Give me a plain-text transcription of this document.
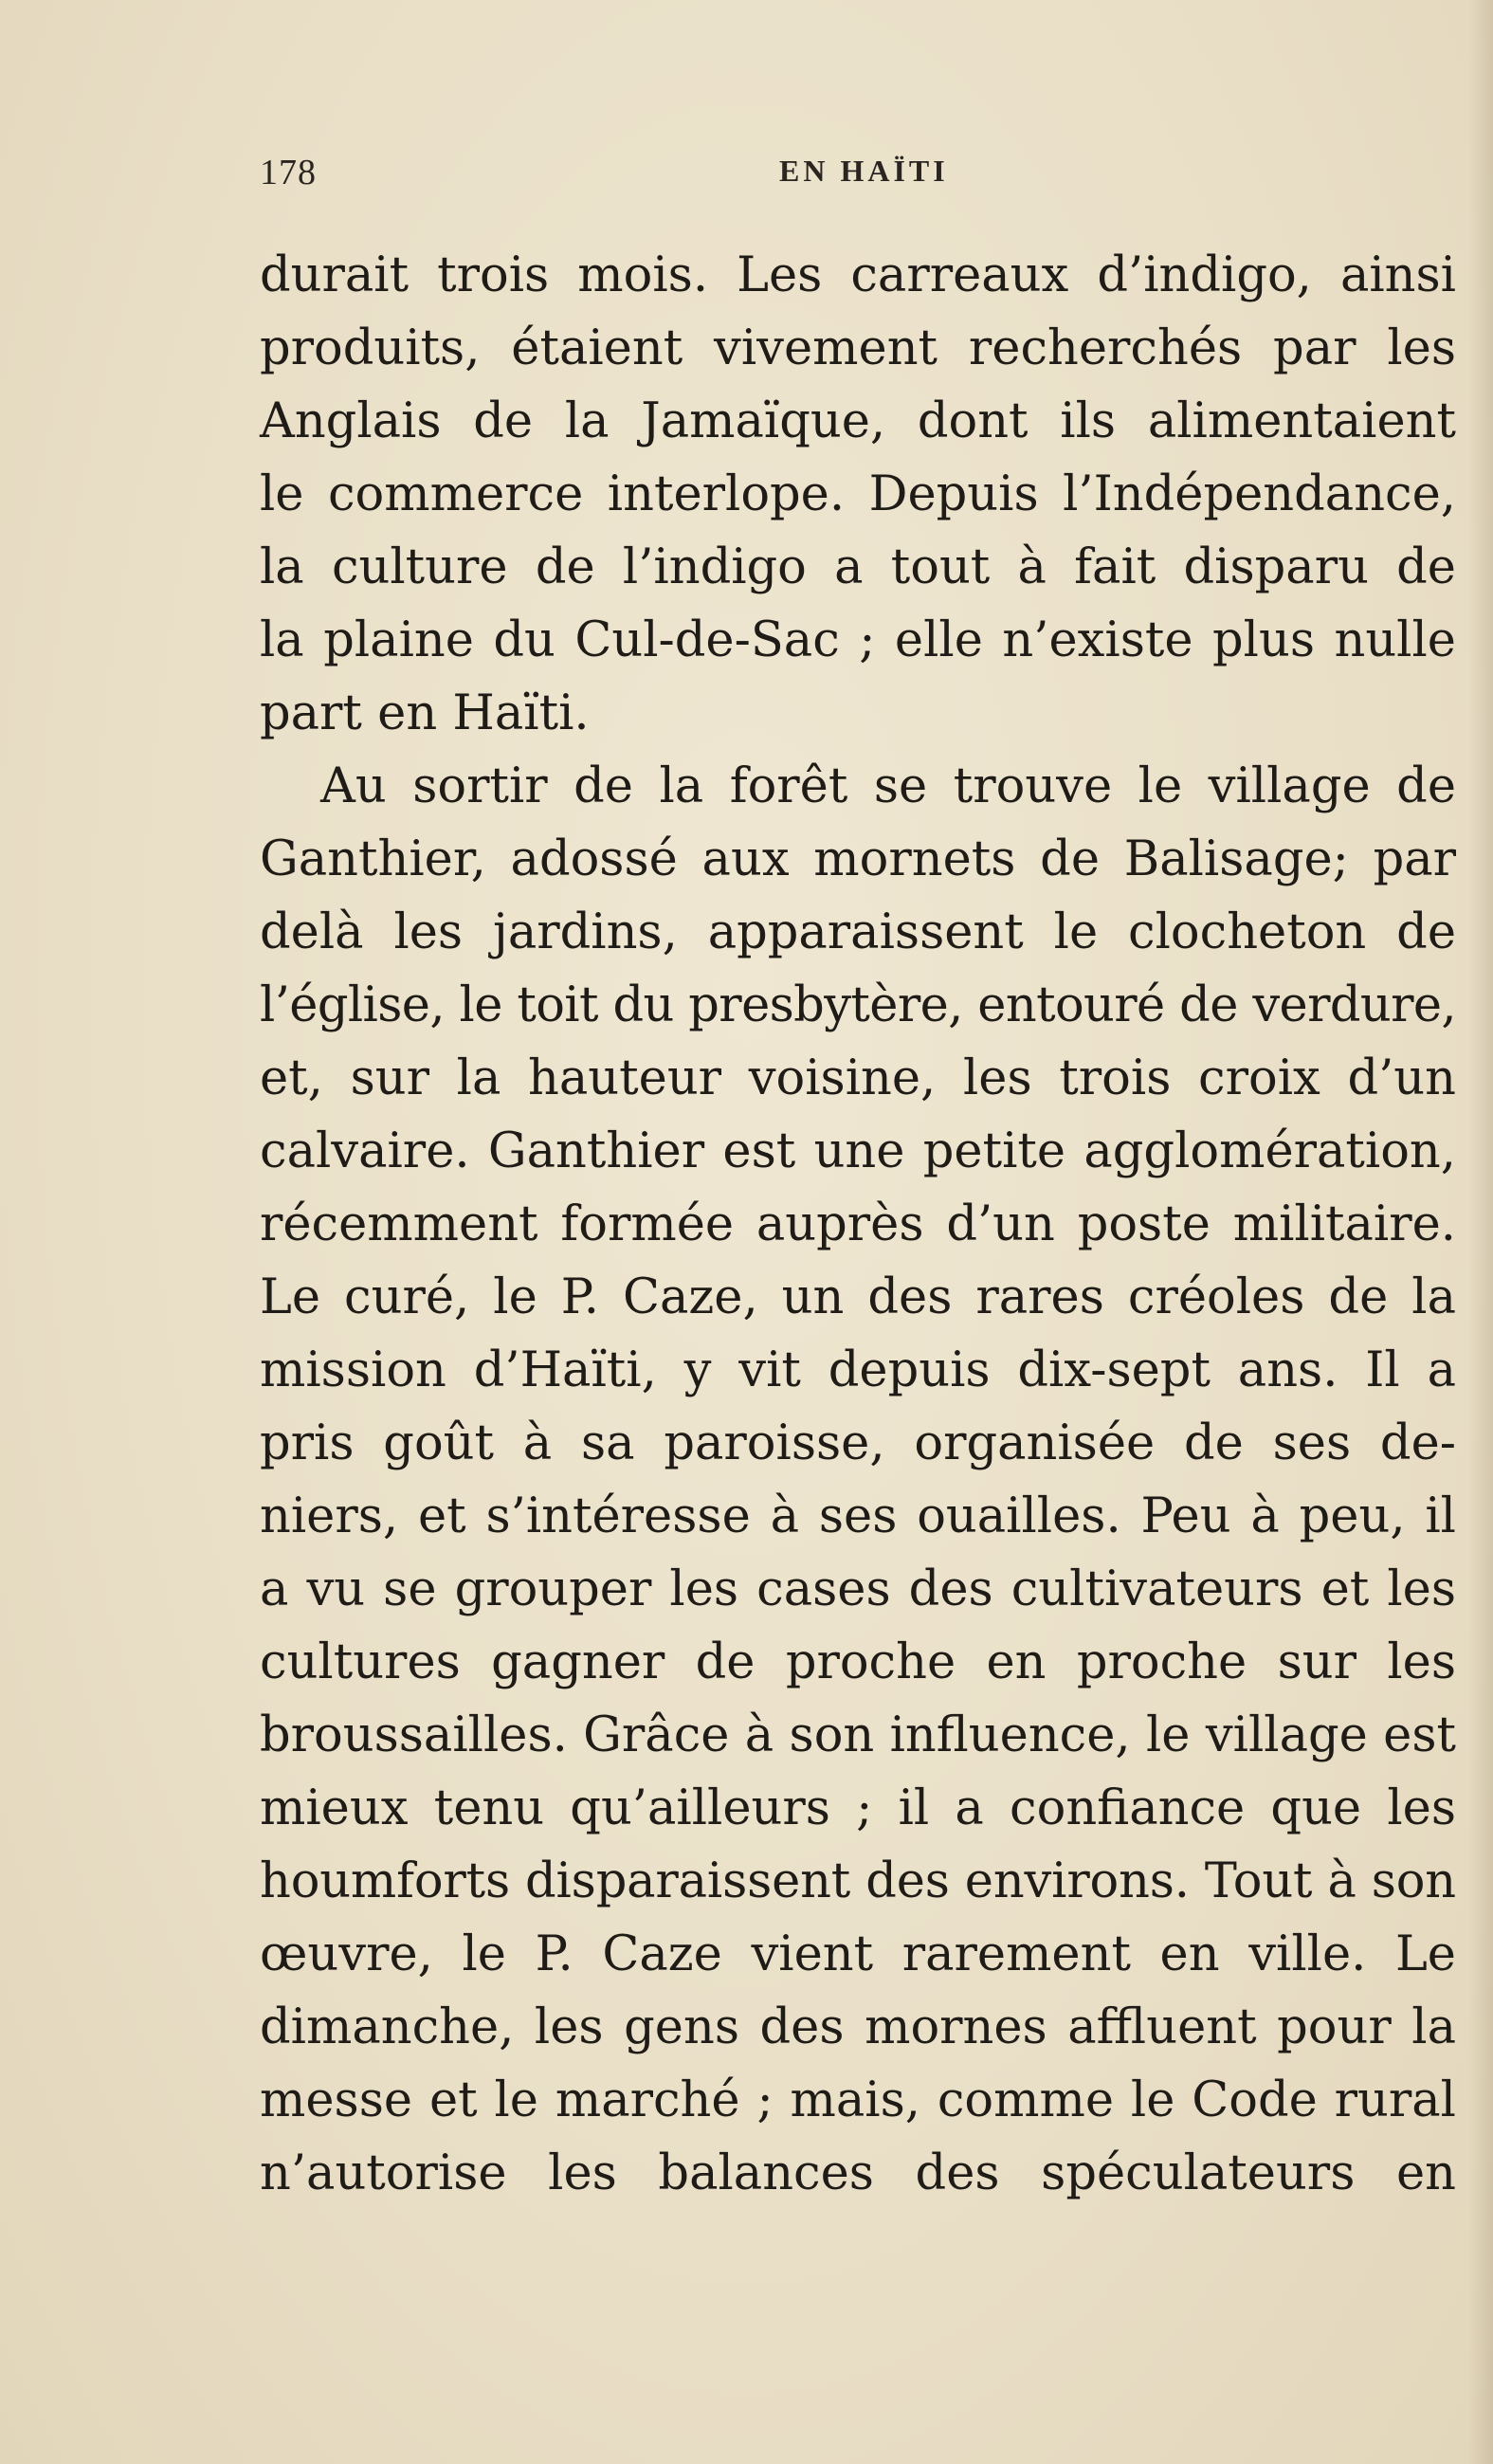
178	EN HAÏTI
durait trois mois. Les carreaux d’indigo, ainsi
produits, étaient vivement recherchés par les
Anglais de la Jamaïque, dont ils alimentaient
le commerce interlope. Depuis l’Indépendance,
la culture de l’indigo a tout à fait disparu de
la plaine du Cul-de-Sac ; elle n’existe plus nulle
part en Haïti.
Au sortir de la forêt se trouve le village de
Ganthier, adossé aux mornets de Balisage; par
delà les jardins, apparaissent le clocheton de
l’église, le toit du presbytère, entouré de verdure,
et, sur la hauteur voisine, les trois croix d’un
calvaire. Ganthier est une petite agglomération,
récemment formée auprès d’un poste militaire.
Le curé, le P. Caze, un des rares créoles de la
mission d’Haïti, y vit depuis dix-sept ans. Il a
pris goût à sa paroisse, organisée de ses de-
niers, et s’intéresse à ses ouailles. Peu à peu, il
a vu se grouper les cases des cultivateurs et les
cultures gagner de proche en proche sur les
broussailles. Grâce à son influence, le village est
mieux tenu qu’ailleurs ; il a confiance que les
houmforts disparaissent des environs. Tout à son
œuvre, le P. Caze vient rarement en ville. Le
dimanche, les gens des mornes affluent pour la
messe et le marché ; mais, comme le Code rural
n’autorise les balances des spéculateurs en
